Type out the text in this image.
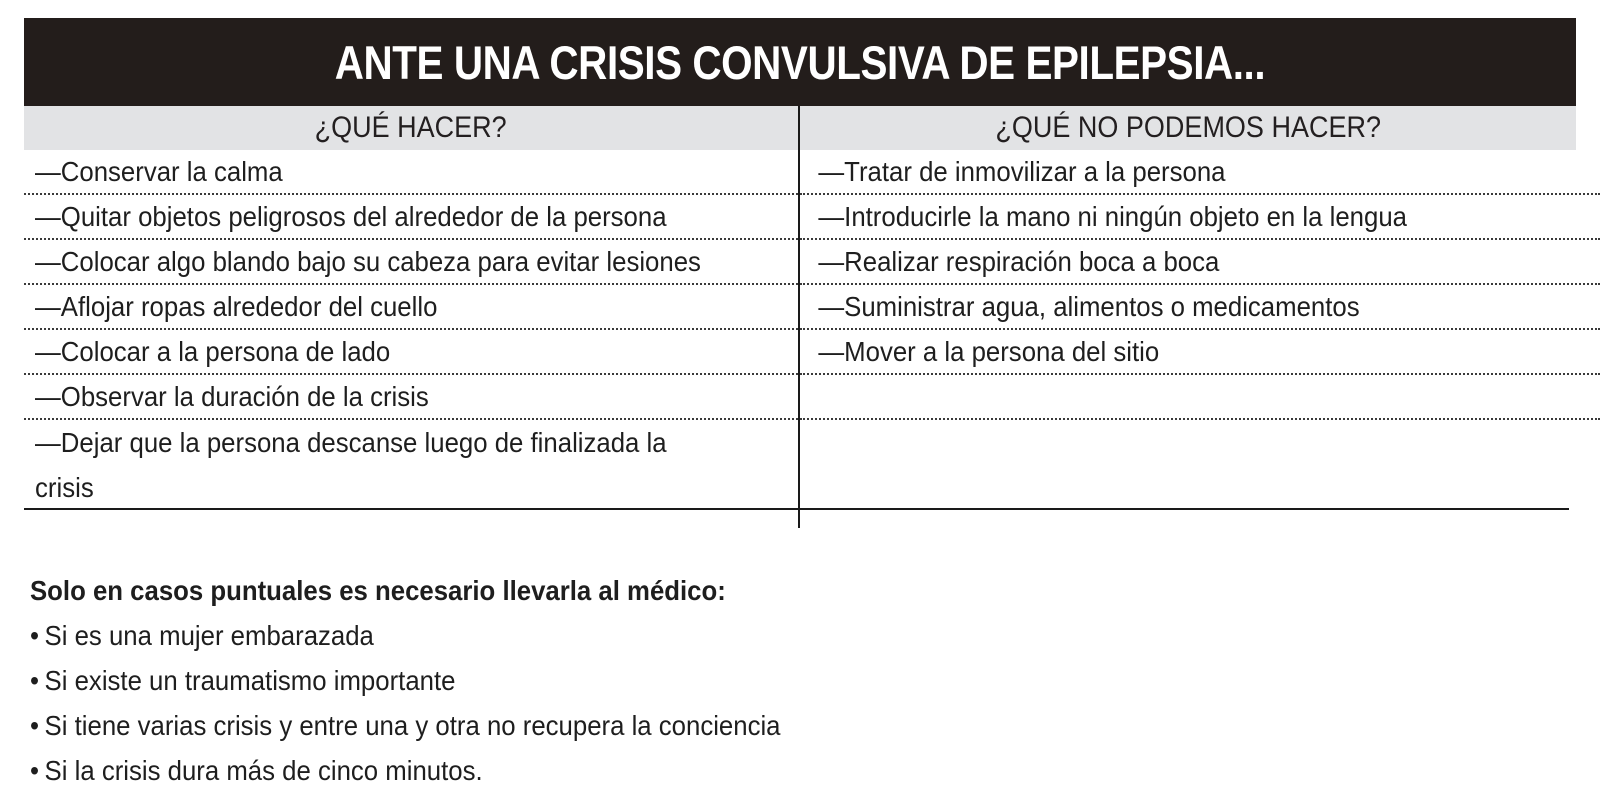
ANTE UNA CRISIS CONVULSIVA DE EPILEPSIA...
¿QUÉ HACER?	¿QUÉ NO PODEMOS HACER?
—Conservar la calma
—Quitar objetos peligrosos del alrededor de la persona
—Colocar algo blando bajo su cabeza para evitar lesiones
—Aflojar ropas alrededor del cuello
—Colocar a la persona de lado
—Observar la duración de la crisis
—Dejar que la persona descanse luego de finalizada la crisis
—Tratar de inmovilizar a la persona
—Introducirle la mano ni ningún objeto en la lengua
—Realizar respiración boca a boca
—Suministrar agua, alimentos o medicamentos
—Mover a la persona del sitio
Solo en casos puntuales es necesario llevarla al médico:
• Si es una mujer embarazada
• Si existe un traumatismo importante
• Si tiene varias crisis y entre una y otra no recupera la conciencia
• Si la crisis dura más de cinco minutos.
